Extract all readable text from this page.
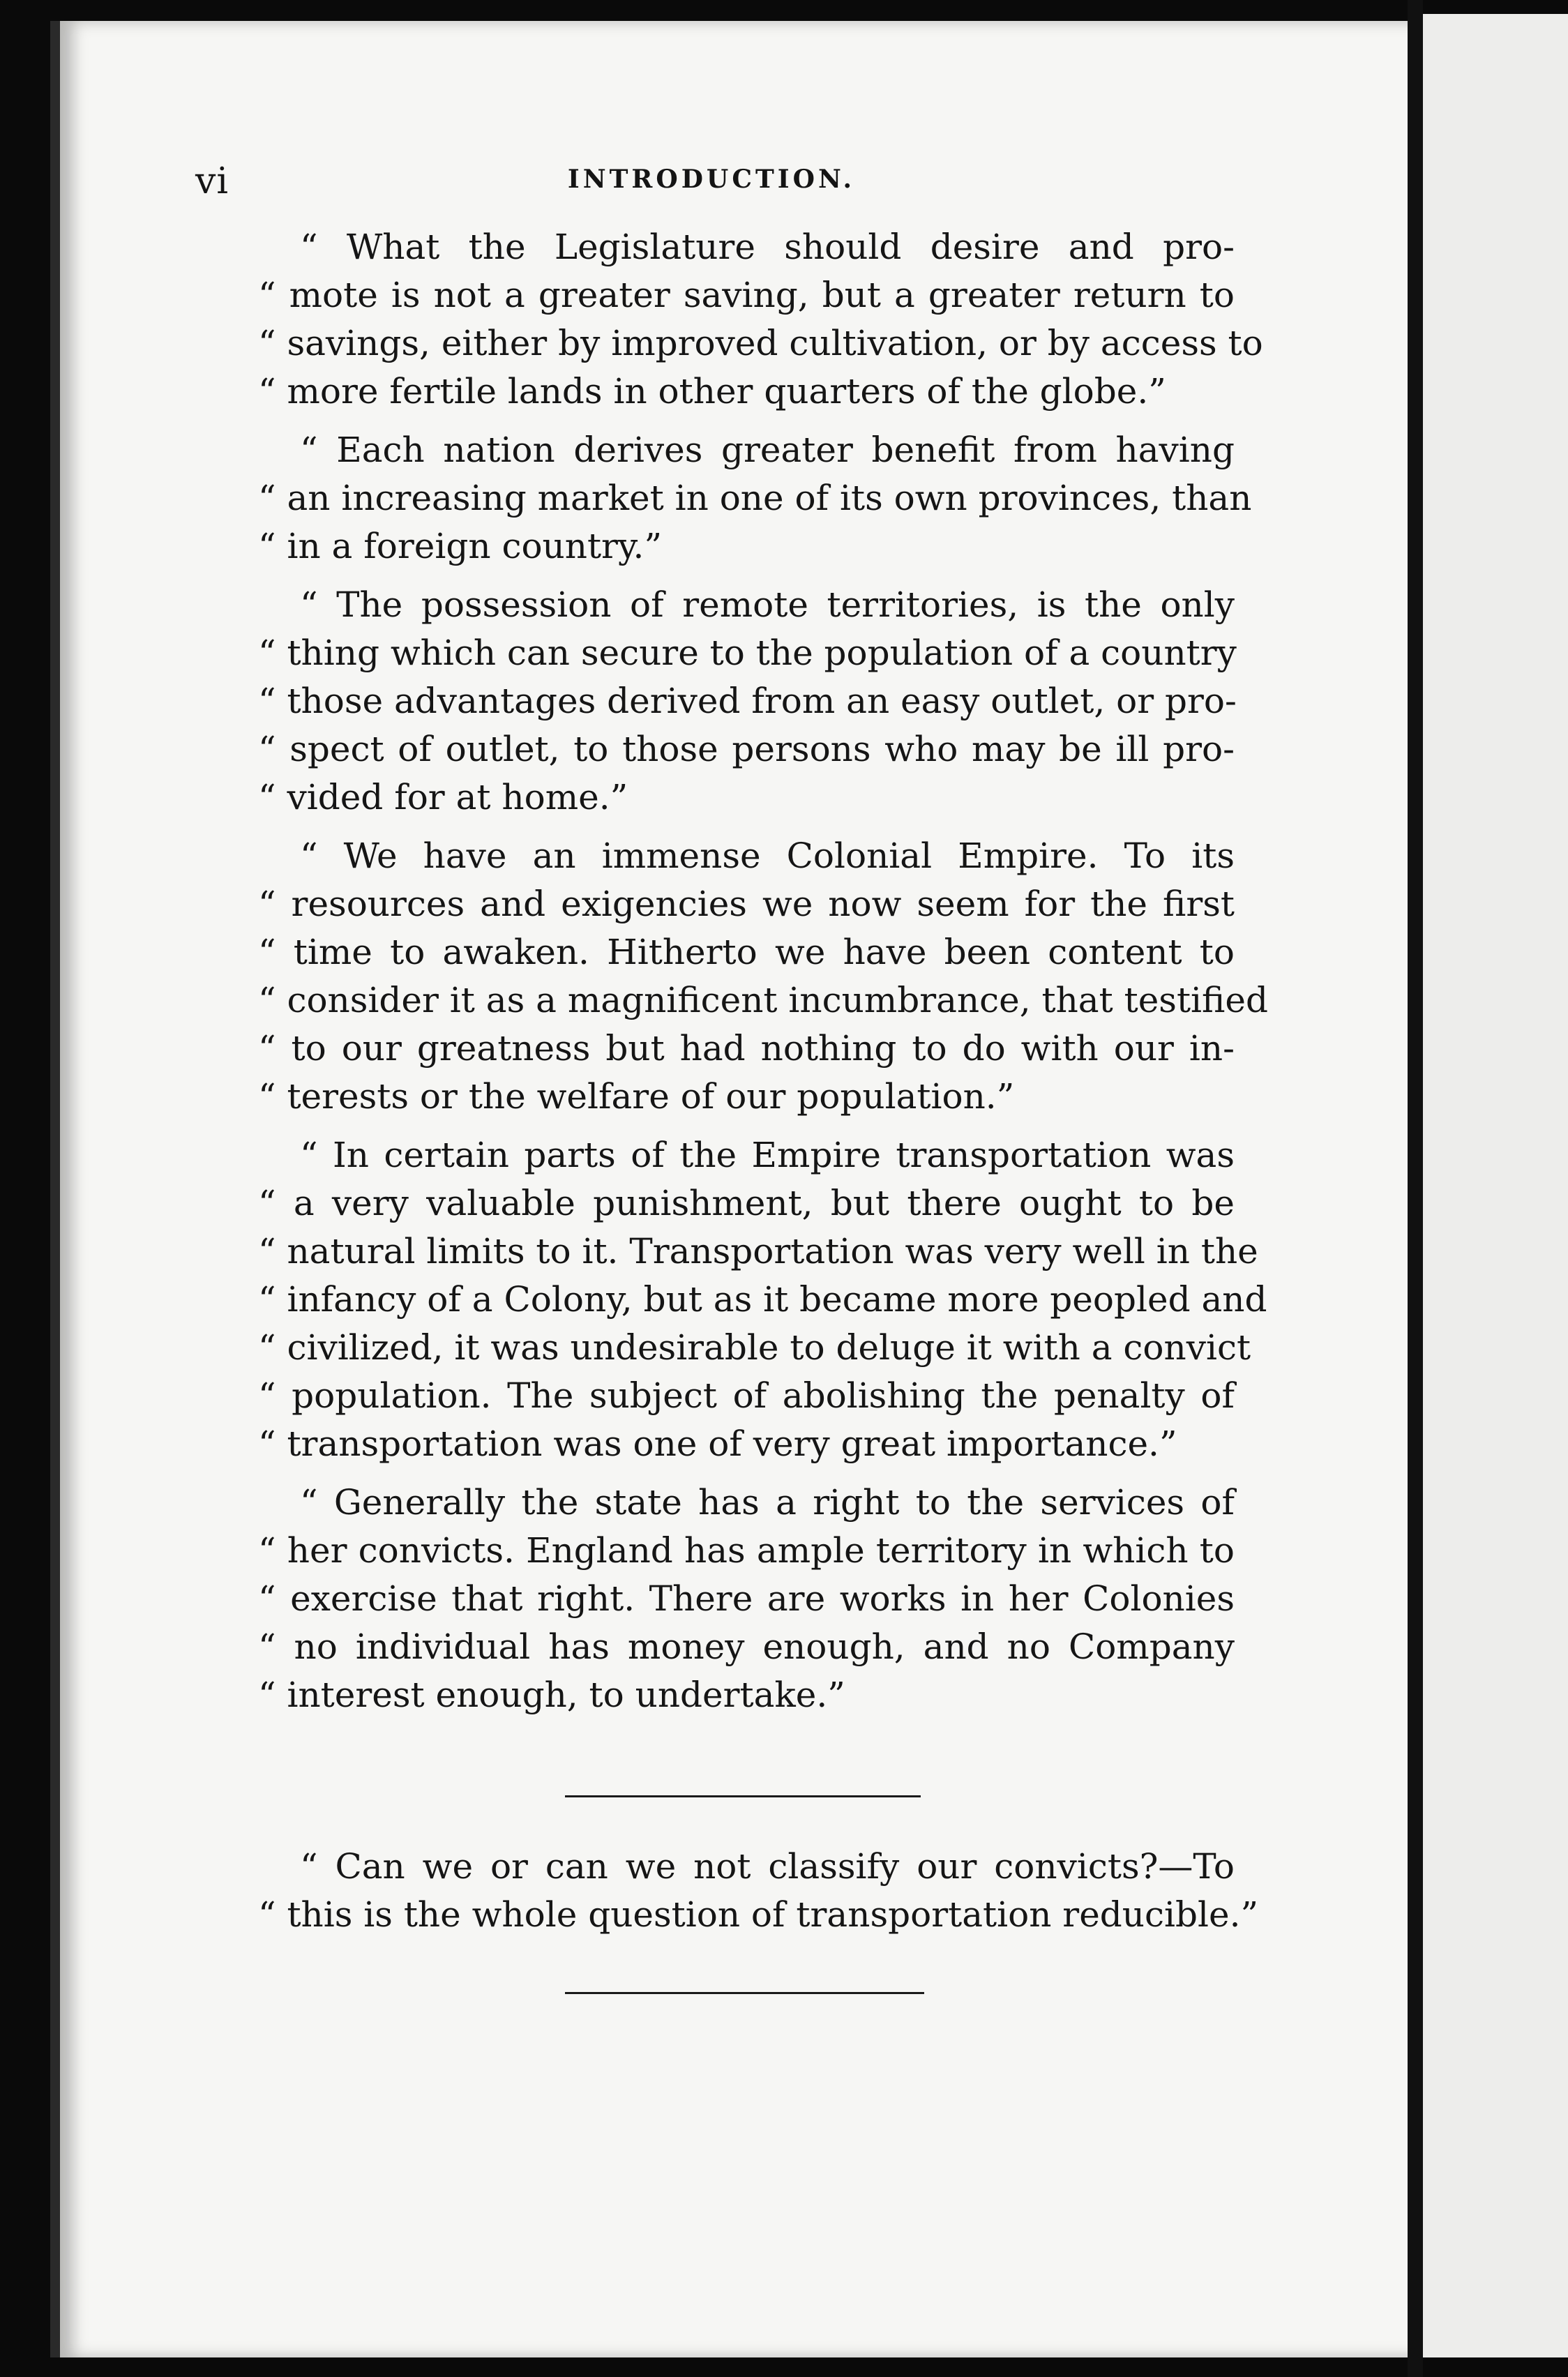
vi	INTRODUCTION.
“ What the Legislature should desire and pro-
“ mote is not a greater saving, but a greater return to
“ savings, either by improved cultivation, or by access to
“ more fertile lands in other quarters of the globe.”
“ Each nation derives greater benefit from having
“ an increasing market in one of its own provinces, than
“ in a foreign country.”
“ The possession of remote territories, is the only
“ thing which can secure to the population of a country
“ those advantages derived from an easy outlet, or pro-
“ spect of outlet, to those persons who may be ill pro-
“ vided for at home.”
“ We have an immense Colonial Empire. To its
“ resources and exigencies we now seem for the first
“ time to awaken. Hitherto we have been content to
“ consider it as a magnificent incumbrance, that testified
“ to our greatness but had nothing to do with our in-
“ terests or the welfare of our population.”
“ In certain parts of the Empire transportation was
“ a very valuable punishment, but there ought to be
“ natural limits to it. Transportation was very well in the
“ infancy of a Colony, but as it became more peopled and
“ civilized, it was undesirable to deluge it with a convict
“ population. The subject of abolishing the penalty of
“ transportation was one of very great importance.”
“ Generally the state has a right to the services of
“ her convicts. England has ample territory in which to
“ exercise that right. There are works in her Colonies
“ no individual has money enough, and no Company
“ interest enough, to undertake.”
“ Can we or can we not classify our convicts?—To
“ this is the whole question of transportation reducible.”
